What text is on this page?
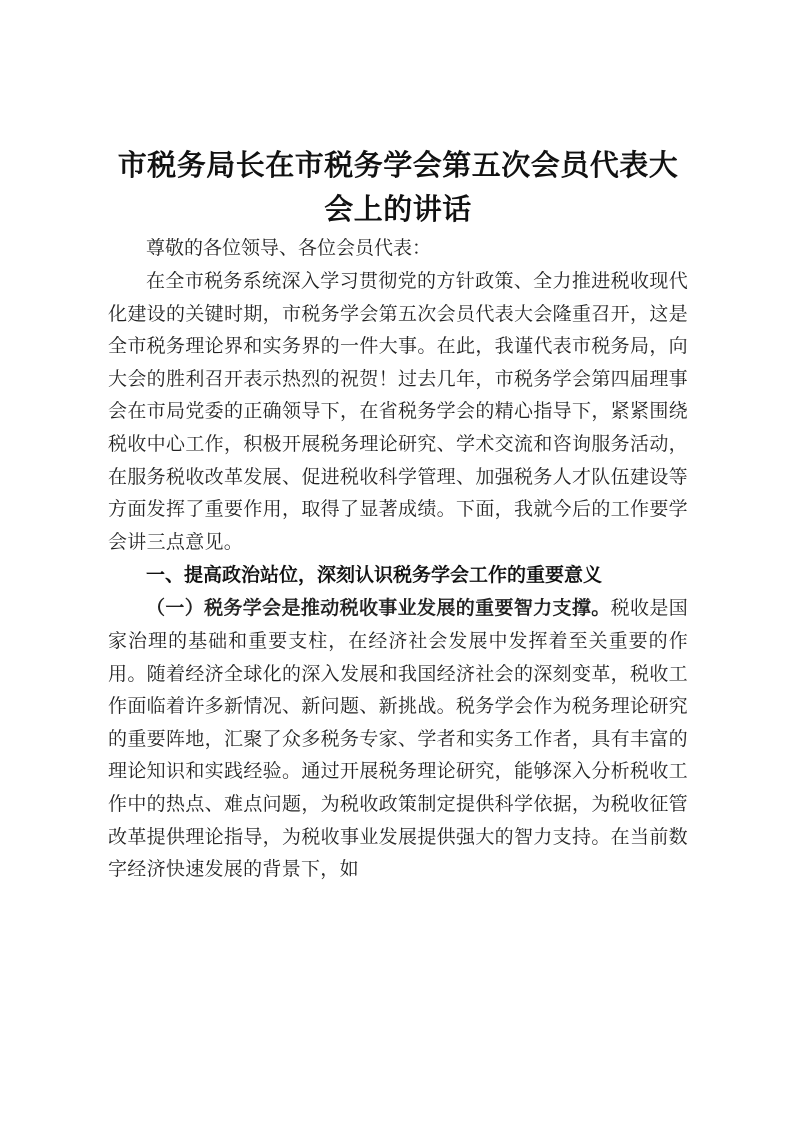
市税务局长在市税务学会第五次会员代表大会上的讲话

尊敬的各位领导、各位会员代表：

在全市税务系统深入学习贯彻党的方针政策、全力推进税收现代化建设的关键时期，市税务学会第五次会员代表大会隆重召开，这是全市税务理论界和实务界的一件大事。在此，我谨代表市税务局，向大会的胜利召开表示热烈的祝贺！过去几年，市税务学会第四届理事会在市局党委的正确领导下，在省税务学会的精心指导下，紧紧围绕税收中心工作，积极开展税务理论研究、学术交流和咨询服务活动，在服务税收改革发展、促进税收科学管理、加强税务人才队伍建设等方面发挥了重要作用，取得了显著成绩。下面，我就今后的工作要学会讲三点意见。

一、提高政治站位，深刻认识税务学会工作的重要意义

（一）税务学会是推动税收事业发展的重要智力支撑。税收是国家治理的基础和重要支柱，在经济社会发展中发挥着至关重要的作用。随着经济全球化的深入发展和我国经济社会的深刻变革，税收工作面临着许多新情况、新问题、新挑战。税务学会作为税务理论研究的重要阵地，汇聚了众多税务专家、学者和实务工作者，具有丰富的理论知识和实践经验。通过开展税务理论研究，能够深入分析税收工作中的热点、难点问题，为税收政策制定提供科学依据，为税收征管改革提供理论指导，为税收事业发展提供强大的智力支持。在当前数字经济快速发展的背景下，如
